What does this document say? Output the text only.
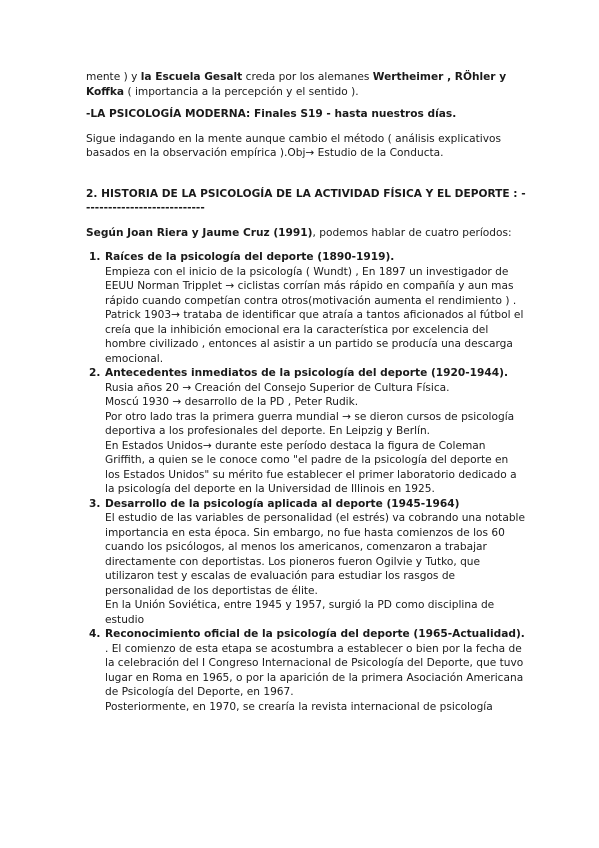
mente ) y la Escuela Gesalt creda por los alemanes Wertheimer , RÖhler y Koffka ( importancia a la percepción y el sentido ).

-LA PSICOLOGÍA MODERNA: Finales S19 - hasta nuestros días.

Sigue indagando en la mente aunque cambio el método ( análisis explicativos basados en la observación empírica ).Obj→ Estudio de la Conducta.

2. HISTORIA DE LA PSICOLOGÍA DE LA ACTIVIDAD FÍSICA Y EL DEPORTE : ----------------------------

Según Joan Riera y Jaume Cruz (1991), podemos hablar de cuatro períodos:

1. Raíces de la psicología del deporte (1890-1919).

Empieza con el inicio de la psicología ( Wundt) , En 1897 un investigador de EEUU Norman Tripplet → ciclistas corrían más rápido en compañía y aun mas rápido cuando competían contra otros(motivación aumenta el rendimiento ) .

Patrick 1903→ trataba de identificar que atraía a tantos aficionados al fútbol el creía que la inhibición emocional era la característica por excelencia del hombre civilizado , entonces al asistir a un partido se producía una descarga emocional.

2. Antecedentes inmediatos de la psicología del deporte (1920-1944).

Rusia años 20 → Creación del Consejo Superior de Cultura Física.

Moscú 1930 → desarrollo de la PD , Peter Rudik.

Por otro lado tras la primera guerra mundial → se dieron cursos de psicología deportiva a los profesionales del deporte. En Leipzig y Berlín.

En Estados Unidos→ durante este período destaca la figura de Coleman Griffith, a quien se le conoce como "el padre de la psicología del deporte en los Estados Unidos" su mérito fue establecer el primer laboratorio dedicado a la psicología del deporte en la Universidad de Illinois en 1925.

3. Desarrollo de la psicología aplicada al deporte (1945-1964)

El estudio de las variables de personalidad (el estrés) va cobrando una notable importancia en esta época. Sin embargo, no fue hasta comienzos de los 60 cuando los psicólogos, al menos los americanos, comenzaron a trabajar directamente con deportistas. Los pioneros fueron Ogilvie y Tutko, que utilizaron test y escalas de evaluación para estudiar los rasgos de personalidad de los deportistas de élite.

En la Unión Soviética, entre 1945 y 1957, surgió la PD como disciplina de estudio

4. Reconocimiento oficial de la psicología del deporte (1965-Actualidad).

. El comienzo de esta etapa se acostumbra a establecer o bien por la fecha de la celebración del I Congreso Internacional de Psicología del Deporte, que tuvo lugar en Roma en 1965, o por la aparición de la primera Asociación Americana de Psicología del Deporte, en 1967.

Posteriormente, en 1970, se crearía la revista internacional de psicología
